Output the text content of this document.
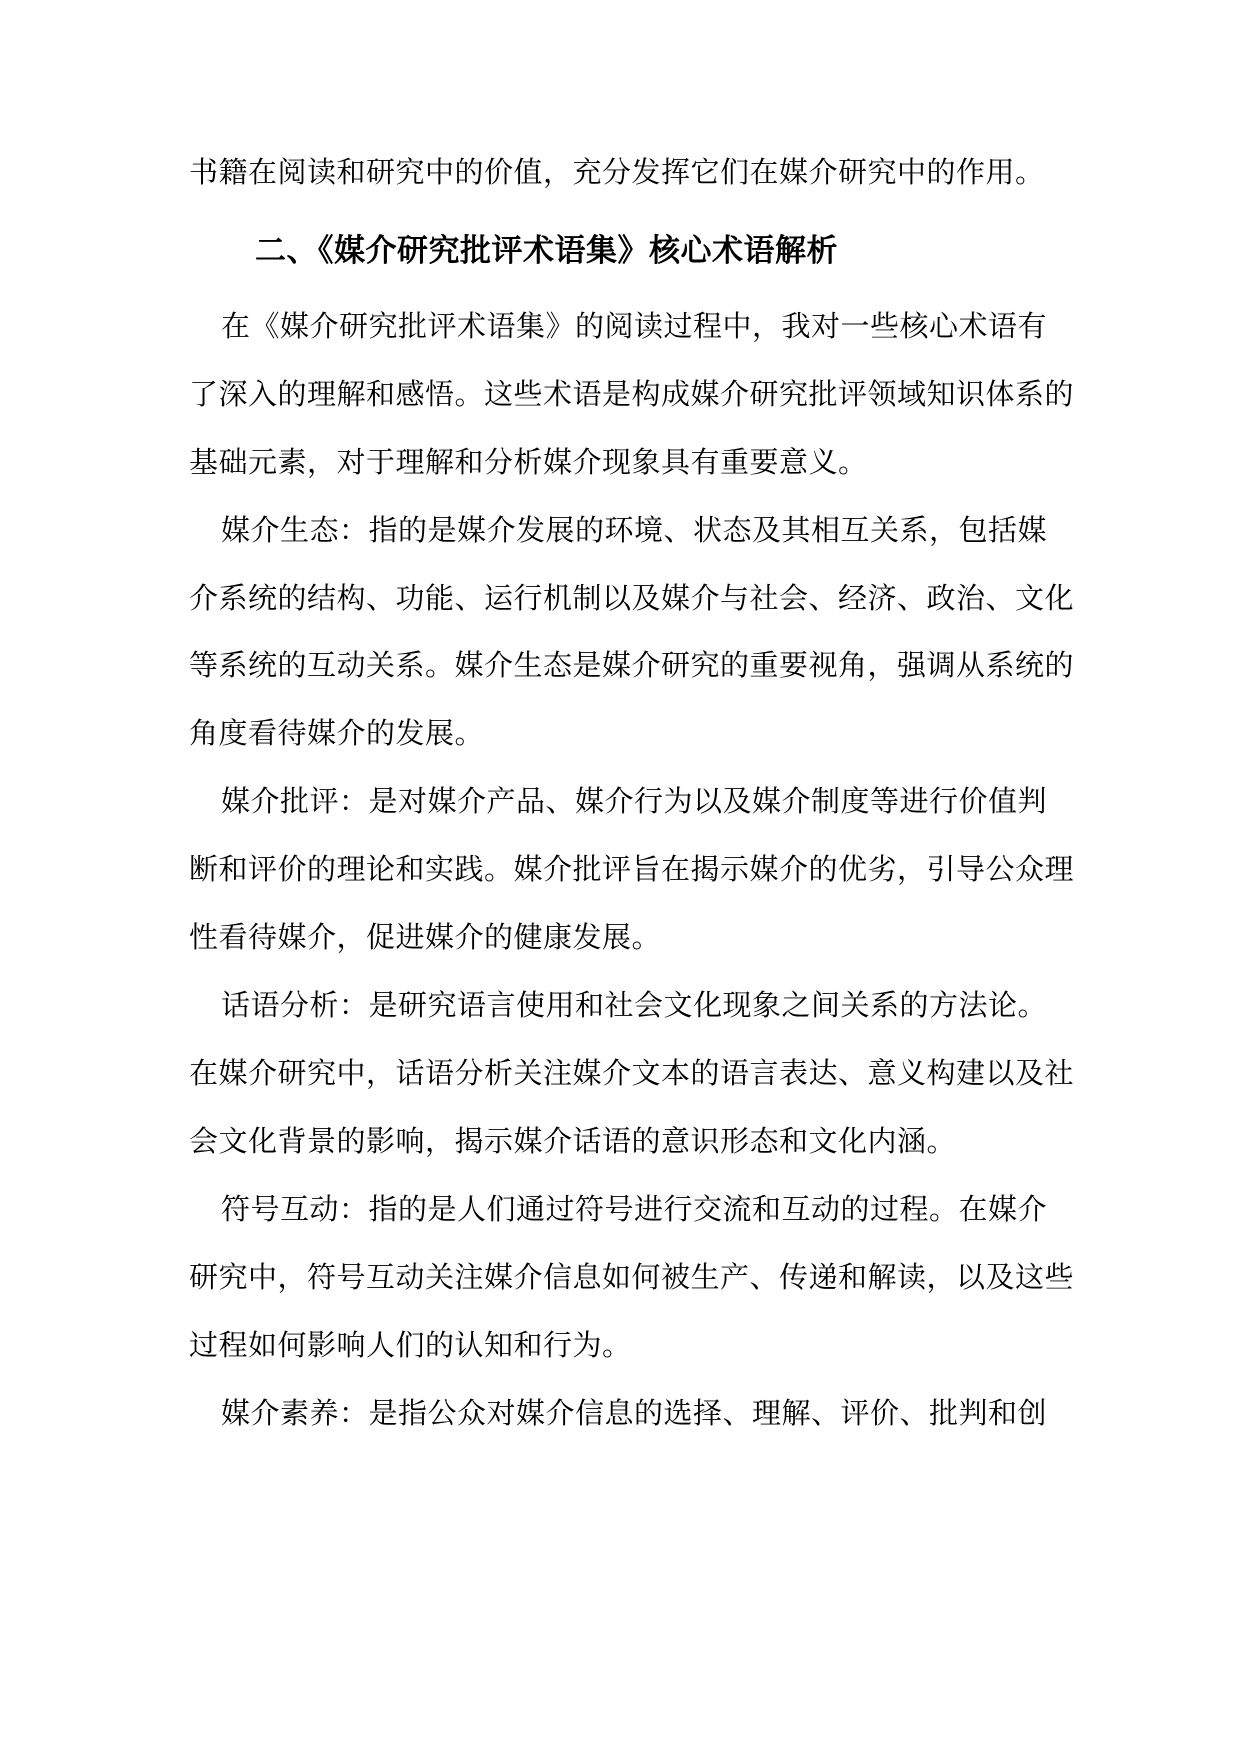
书籍在阅读和研究中的价值，充分发挥它们在媒介研究中的作用。
二、《媒介研究批评术语集》核心术语解析
在《媒介研究批评术语集》的阅读过程中，我对一些核心术语有
了深入的理解和感悟。这些术语是构成媒介研究批评领域知识体系的
基础元素，对于理解和分析媒介现象具有重要意义。
媒介生态：指的是媒介发展的环境、状态及其相互关系，包括媒
介系统的结构、功能、运行机制以及媒介与社会、经济、政治、文化
等系统的互动关系。媒介生态是媒介研究的重要视角，强调从系统的
角度看待媒介的发展。
媒介批评：是对媒介产品、媒介行为以及媒介制度等进行价值判
断和评价的理论和实践。媒介批评旨在揭示媒介的优劣，引导公众理
性看待媒介，促进媒介的健康发展。
话语分析：是研究语言使用和社会文化现象之间关系的方法论。
在媒介研究中，话语分析关注媒介文本的语言表达、意义构建以及社
会文化背景的影响，揭示媒介话语的意识形态和文化内涵。
符号互动：指的是人们通过符号进行交流和互动的过程。在媒介
研究中，符号互动关注媒介信息如何被生产、传递和解读，以及这些
过程如何影响人们的认知和行为。
媒介素养：是指公众对媒介信息的选择、理解、评价、批判和创
